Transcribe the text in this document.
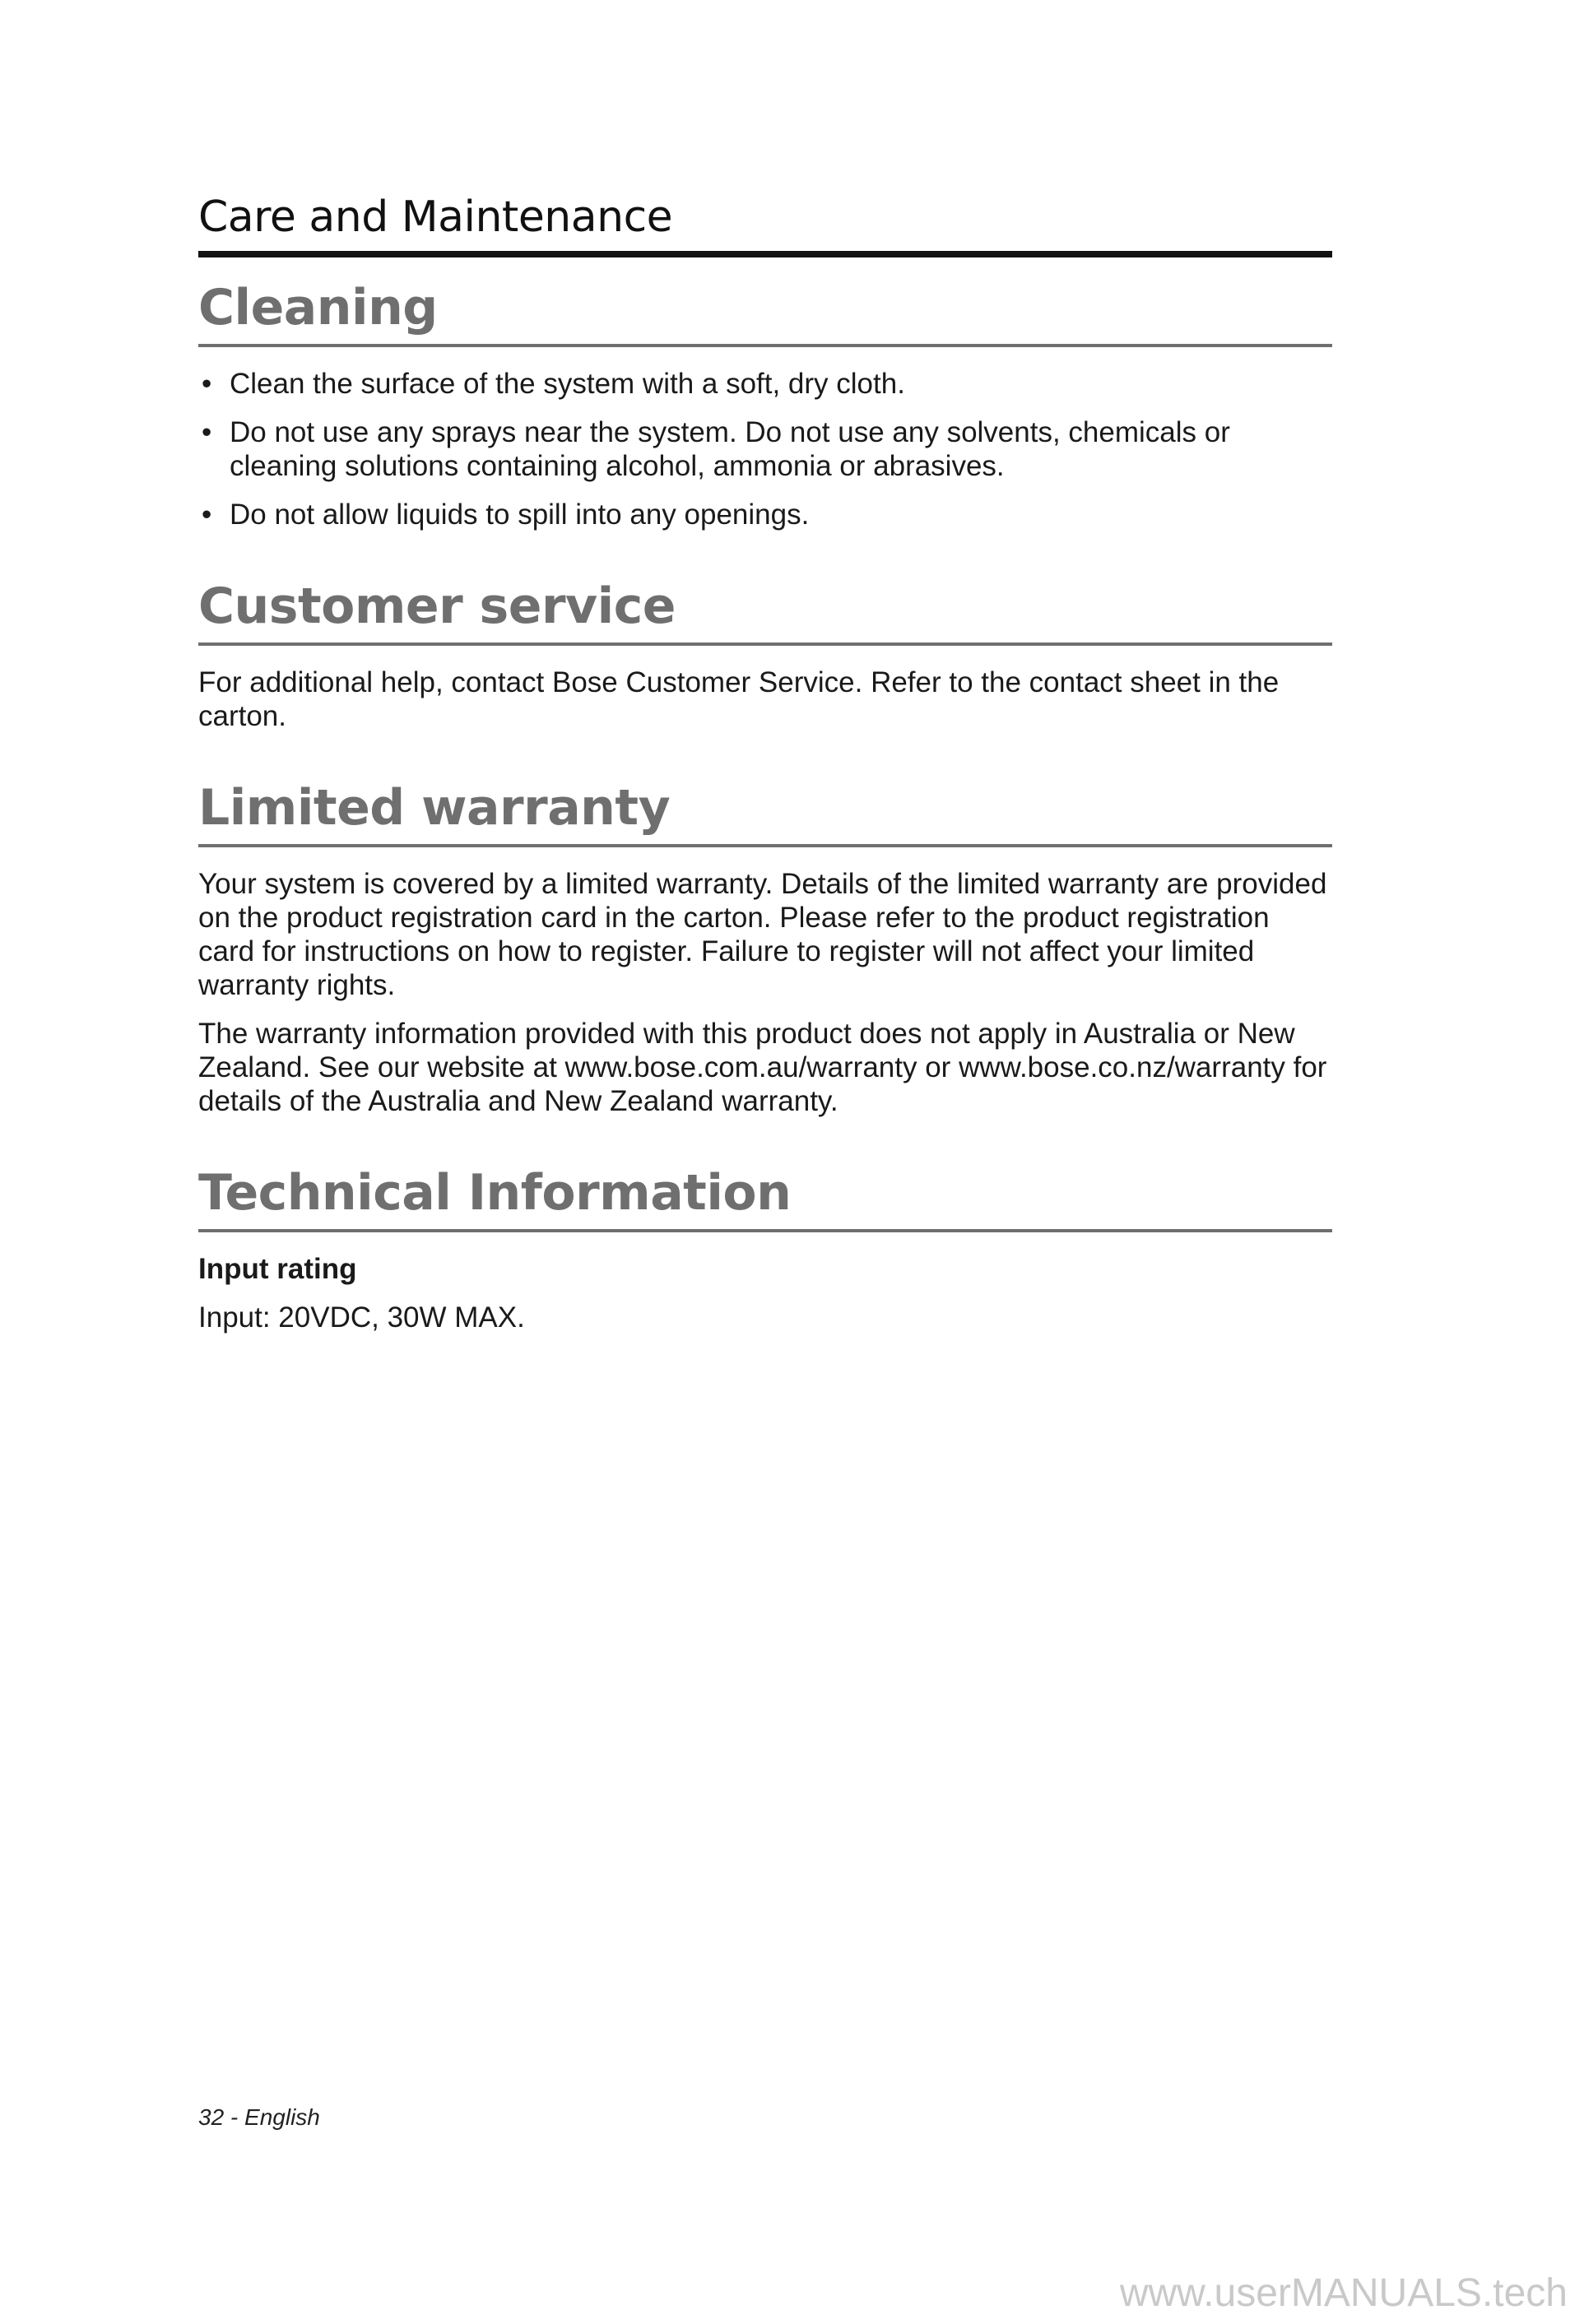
Care and Maintenance
Cleaning
• Clean the surface of the system with a soft, dry cloth.
• Do not use any sprays near the system. Do not use any solvents, chemicals or cleaning solutions containing alcohol, ammonia or abrasives.
• Do not allow liquids to spill into any openings.
Customer service

For additional help, contact Bose Customer Service. Refer to the contact sheet in the carton.

Limited warranty

Your system is covered by a limited warranty. Details of the limited warranty are provided on the product registration card in the carton. Please refer to the product registration card for instructions on how to register. Failure to register will not affect your limited warranty rights.

The warranty information provided with this product does not apply in Australia or New Zealand. See our website at www.bose.com.au/warranty or www.bose.co.nz/warranty for details of the Australia and New Zealand warranty.

Technical Information

Input rating

Input: 20VDC, 30W MAX.

32 - English
www.userMANUALS.tech
